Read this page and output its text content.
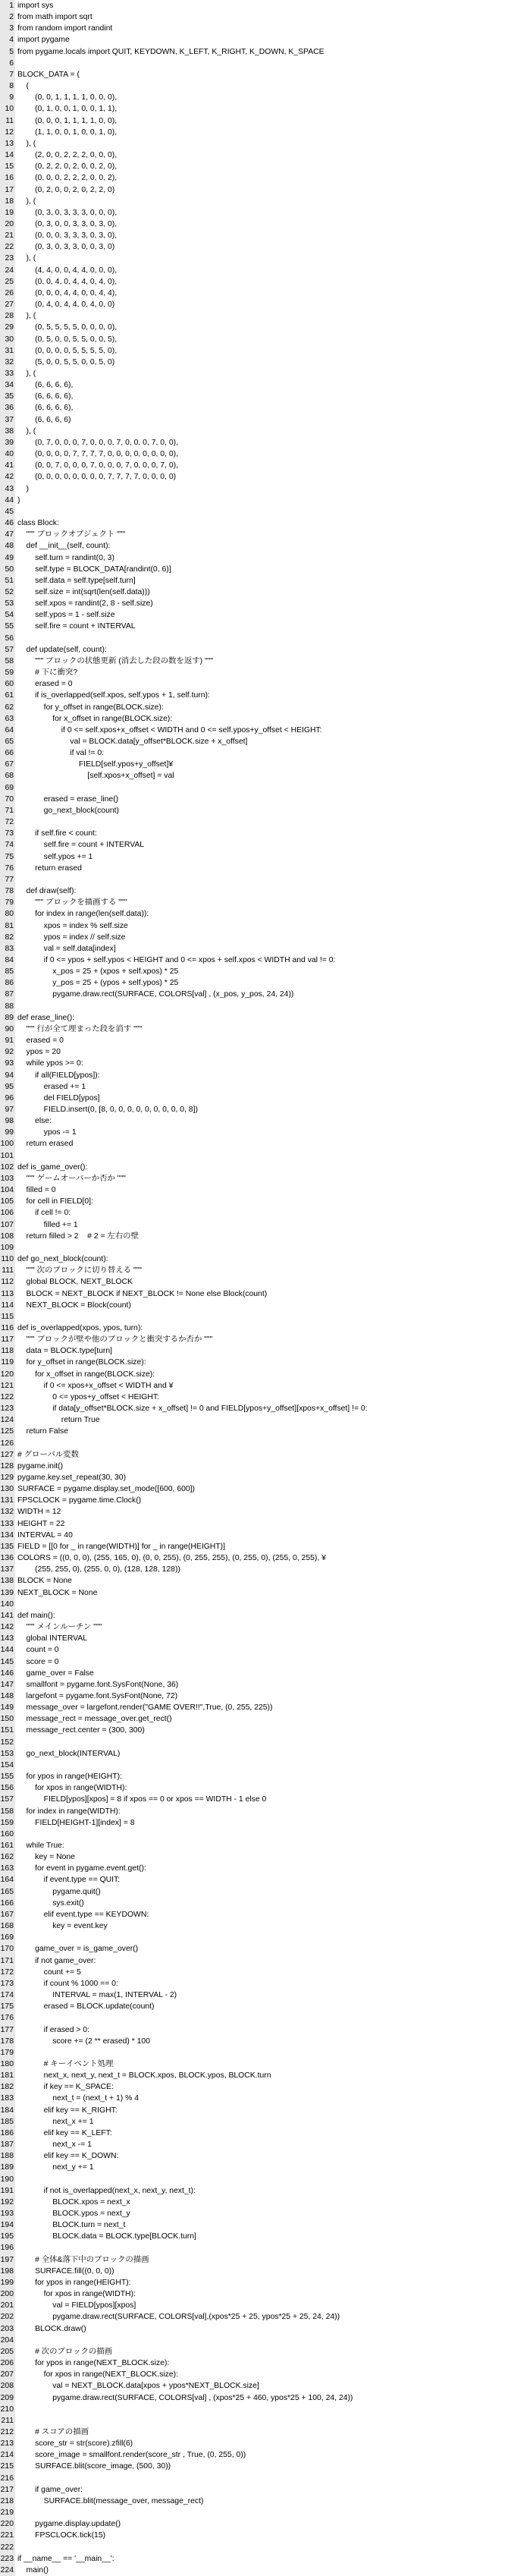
1 import sys
2 from math import sqrt
3 from random import randint
4 import pygame
5 from pygame.locals import QUIT, KEYDOWN, K_LEFT, K_RIGHT, K_DOWN, K_SPACE
6
7 BLOCK_DATA = (
8 (
9 (0, 0, 1, 1, 1, 1, 0, 0, 0),
10 (0, 1, 0, 0, 1, 0, 0, 1, 1),
11 (0, 0, 0, 1, 1, 1, 1, 0, 0),
12 (1, 1, 0, 0, 1, 0, 0, 1, 0),
13 ), (
14 (2, 0, 0, 2, 2, 2, 0, 0, 0),
15 (0, 2, 2, 0, 2, 0, 0, 2, 0),
16 (0, 0, 0, 2, 2, 2, 0, 0, 2),
17 (0, 2, 0, 0, 2, 0, 2, 2, 0)
18 ), (
19 (0, 3, 0, 3, 3, 3, 0, 0, 0),
20 (0, 3, 0, 0, 3, 3, 0, 3, 0),
21 (0, 0, 0, 3, 3, 3, 0, 3, 0),
22 (0, 3, 0, 3, 3, 0, 0, 3, 0)
23 ), (
24 (4, 4, 0, 0, 4, 4, 0, 0, 0),
25 (0, 0, 4, 0, 4, 4, 0, 4, 0),
26 (0, 0, 0, 4, 4, 0, 0, 4, 4),
27 (0, 4, 0, 4, 4, 0, 4, 0, 0)
28 ), (
29 (0, 5, 5, 5, 5, 0, 0, 0, 0),
30 (0, 5, 0, 0, 5, 5, 0, 0, 5),
31 (0, 0, 0, 0, 5, 5, 5, 5, 0),
32 (5, 0, 0, 5, 5, 0, 0, 5, 0)
33 ), (
34 (6, 6, 6, 6),
35 (6, 6, 6, 6),
36 (6, 6, 6, 6),
37 (6, 6, 6, 6)
38 ), (
39 (0, 7, 0, 0, 0, 7, 0, 0, 0, 7, 0, 0, 0, 7, 0, 0),
40 (0, 0, 0, 0, 7, 7, 7, 7, 0, 0, 0, 0, 0, 0, 0, 0),
41 (0, 0, 7, 0, 0, 0, 7, 0, 0, 0, 7, 0, 0, 0, 7, 0),
42 (0, 0, 0, 0, 0, 0, 0, 0, 7, 7, 7, 7, 0, 0, 0, 0)
43 )
44 )
45
46 class Block:
47 """ ブロックオブジェクト """
48 def __init__(self, count):
49 self.turn = randint(0, 3)
50 self.type = BLOCK_DATA[randint(0, 6)]
51 self.data = self.type[self.turn]
52 self.size = int(sqrt(len(self.data)))
53 self.xpos = randint(2, 8 - self.size)
54 self.ypos = 1 - self.size
55 self.fire = count + INTERVAL
56
57 def update(self, count):
58 """ ブロックの状態更新 (消去した段の数を返す) """
59 # 下に衝突?
60 erased = 0
61 if is_overlapped(self.xpos, self.ypos + 1, self.turn):
62 for y_offset in range(BLOCK.size):
63 for x_offset in range(BLOCK.size):
64 if 0 <= self.xpos+x_offset < WIDTH and 0 <= self.ypos+y_offset < HEIGHT:
65 val = BLOCK.data[y_offset*BLOCK.size + x_offset]
66 if val != 0:
67 FIELD[self.ypos+y_offset]¥
68 [self.xpos+x_offset] = val
69
70 erased = erase_line()
71 go_next_block(count)
72
73 if self.fire < count:
74 self.fire = count + INTERVAL
75 self.ypos += 1
76 return erased
77
78 def draw(self):
79 """ ブロックを描画する """
80 for index in range(len(self.data)):
81 xpos = index % self.size
82 ypos = index // self.size
83 val = self.data[index]
84 if 0 <= ypos + self.ypos < HEIGHT and 0 <= xpos + self.xpos < WIDTH and val != 0:
85 x_pos = 25 + (xpos + self.xpos) * 25
86 y_pos = 25 + (ypos + self.ypos) * 25
87 pygame.draw.rect(SURFACE, COLORS[val] , (x_pos, y_pos, 24, 24))
88
89 def erase_line():
90 """ 行が全て埋まった段を消す """
91 erased = 0
92 ypos = 20
93 while ypos >= 0:
94 if all(FIELD[ypos]):
95 erased += 1
96 del FIELD[ypos]
97 FIELD.insert(0, [8, 0, 0, 0, 0, 0, 0, 0, 0, 0, 8])
98 else:
99 ypos -= 1
100 return erased
101
102 def is_game_over():
103 """ ゲームオーバーか否か """
104 filled = 0
105 for cell in FIELD[0]:
106 if cell != 0:
107 filled += 1
108 return filled > 2    # 2 = 左右の壁
109
110 def go_next_block(count):
111 """ 次のブロックに切り替える """
112 global BLOCK, NEXT_BLOCK
113 BLOCK = NEXT_BLOCK if NEXT_BLOCK != None else Block(count)
114 NEXT_BLOCK = Block(count)
115
116 def is_overlapped(xpos, ypos, turn):
117 """ ブロックが壁や他のブロックと衝突するか否か """
118 data = BLOCK.type[turn]
119 for y_offset in range(BLOCK.size):
120 for x_offset in range(BLOCK.size):
121 if 0 <= xpos+x_offset < WIDTH and ¥
122 0 <= ypos+y_offset < HEIGHT:
123 if data[y_offset*BLOCK.size + x_offset] != 0 and FIELD[ypos+y_offset][xpos+x_offset] != 0:
124 return True
125 return False
126
127 # グローバル変数
128 pygame.init()
129 pygame.key.set_repeat(30, 30)
130 SURFACE = pygame.display.set_mode([600, 600])
131 FPSCLOCK = pygame.time.Clock()
132 WIDTH = 12
133 HEIGHT = 22
134 INTERVAL = 40
135 FIELD = [[0 for _ in range(WIDTH)] for _ in range(HEIGHT)]
136 COLORS = ((0, 0, 0), (255, 165, 0), (0, 0, 255), (0, 255, 255), (0, 255, 0), (255, 0, 255), ¥
137 (255, 255, 0), (255, 0, 0), (128, 128, 128))
138 BLOCK = None
139 NEXT_BLOCK = None
140
141 def main():
142 """ メインルーチン """
143 global INTERVAL
144 count = 0
145 score = 0
146 game_over = False
147 smallfont = pygame.font.SysFont(None, 36)
148 largefont = pygame.font.SysFont(None, 72)
149 message_over = largefont.render("GAME OVER!!",True, (0, 255, 225))
150 message_rect = message_over.get_rect()
151 message_rect.center = (300, 300)
152
153 go_next_block(INTERVAL)
154
155 for ypos in range(HEIGHT):
156 for xpos in range(WIDTH):
157 FIELD[ypos][xpos] = 8 if xpos == 0 or xpos == WIDTH - 1 else 0
158 for index in range(WIDTH):
159 FIELD[HEIGHT-1][index] = 8
160
161 while True:
162 key = None
163 for event in pygame.event.get():
164 if event.type == QUIT:
165 pygame.quit()
166 sys.exit()
167 elif event.type == KEYDOWN:
168 key = event.key
169
170 game_over = is_game_over()
171 if not game_over:
172 count += 5
173 if count % 1000 == 0:
174 INTERVAL = max(1, INTERVAL - 2)
175 erased = BLOCK.update(count)
176
177 if erased > 0:
178 score += (2 ** erased) * 100
179
180 # キーイベント処理
181 next_x, next_y, next_t = BLOCK.xpos, BLOCK.ypos, BLOCK.turn
182 if key == K_SPACE:
183 next_t = (next_t + 1) % 4
184 elif key == K_RIGHT:
185 next_x += 1
186 elif key == K_LEFT:
187 next_x -= 1
188 elif key == K_DOWN:
189 next_y += 1
190
191 if not is_overlapped(next_x, next_y, next_t):
192 BLOCK.xpos = next_x
193 BLOCK.ypos = next_y
194 BLOCK.turn = next_t
195 BLOCK.data = BLOCK.type[BLOCK.turn]
196
197 # 全体&落下中のブロックの描画
198 SURFACE.fill((0, 0, 0))
199 for ypos in range(HEIGHT):
200 for xpos in range(WIDTH):
201 val = FIELD[ypos][xpos]
202 pygame.draw.rect(SURFACE, COLORS[val],(xpos*25 + 25, ypos*25 + 25, 24, 24))
203 BLOCK.draw()
204
205 # 次のブロックの描画
206 for ypos in range(NEXT_BLOCK.size):
207 for xpos in range(NEXT_BLOCK.size):
208 val = NEXT_BLOCK.data[xpos + ypos*NEXT_BLOCK.size]
209 pygame.draw.rect(SURFACE, COLORS[val] , (xpos*25 + 460, ypos*25 + 100, 24, 24))
210
211
212 # スコアの描画
213 score_str = str(score).zfill(6)
214 score_image = smallfont.render(score_str , True, (0, 255, 0))
215 SURFACE.blit(score_image, (500, 30))
216
217 if game_over:
218 SURFACE.blit(message_over, message_rect)
219
220 pygame.display.update()
221 FPSCLOCK.tick(15)
222
223 if __name__ == '__main__':
224 main()
